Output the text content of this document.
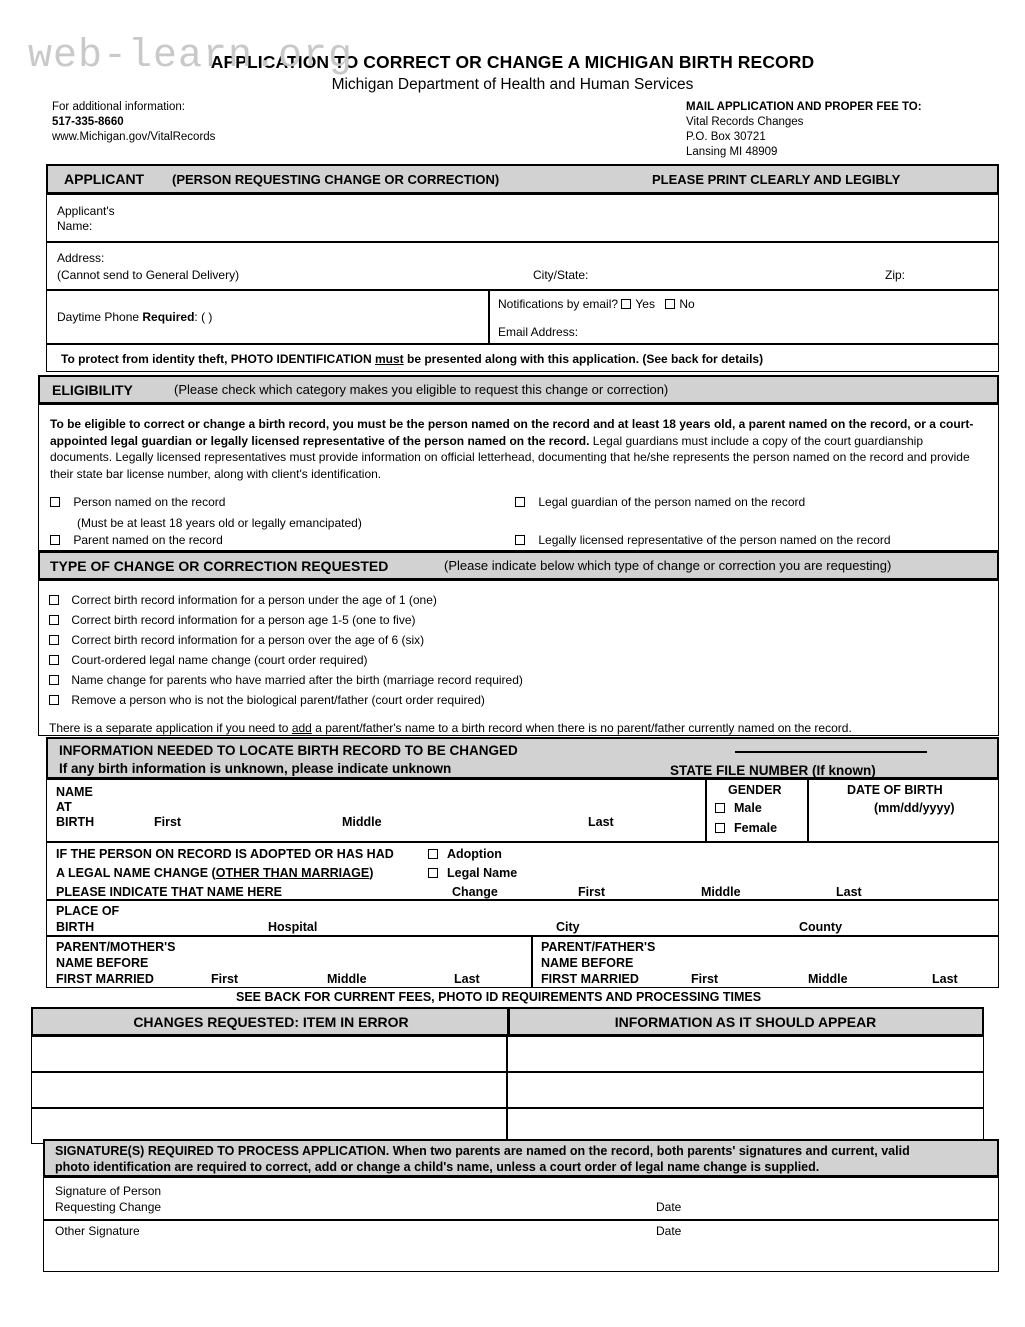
web-learn.org
APPLICATION TO CORRECT OR CHANGE A MICHIGAN BIRTH RECORD
Michigan Department of Health and Human Services
For additional information:
517-335-8660
www.Michigan.gov/VitalRecords
MAIL APPLICATION AND PROPER FEE TO:
Vital Records Changes
P.O. Box 30721
Lansing MI 48909
APPLICANT (PERSON REQUESTING CHANGE OR CORRECTION)	PLEASE PRINT CLEARLY AND LEGIBLY
Applicant's
Name:
Address:
(Cannot send to General Delivery)	City/State:	Zip:
Daytime Phone Required: ( )
Notifications by email? Yes No
Email Address:
To protect from identity theft, PHOTO IDENTIFICATION must be presented along with this application. (See back for details)
ELIGIBILITY	(Please check which category makes you eligible to request this change or correction)
To be eligible to correct or change a birth record, you must be the person named on the record and at least 18 years old, a parent named on the record, or a court-appointed legal guardian or legally licensed representative of the person named on the record. Legal guardians must include a copy of the court guardianship documents. Legally licensed representatives must provide information on official letterhead, documenting that he/she represents the person named on the record and provide their state bar license number, along with client's identification.
Person named on the record
(Must be at least 18 years old or legally emancipated)
Parent named on the record
Legal guardian of the person named on the record
Legally licensed representative of the person named on the record
TYPE OF CHANGE OR CORRECTION REQUESTED	(Please indicate below which type of change or correction you are requesting)
Correct birth record information for a person under the age of 1 (one)
Correct birth record information for a person age 1-5 (one to five)
Correct birth record information for a person over the age of 6 (six)
Court-ordered legal name change (court order required)
Name change for parents who have married after the birth (marriage record required)
Remove a person who is not the biological parent/father (court order required)
There is a separate application if you need to add a parent/father's name to a birth record when there is no parent/father currently named on the record.
INFORMATION NEEDED TO LOCATE BIRTH RECORD TO BE CHANGED
If any birth information is unknown, please indicate unknown	STATE FILE NUMBER (If known)
NAME
AT
BIRTH	First	Middle	Last
GENDER
Male
Female
DATE OF BIRTH
(mm/dd/yyyy)
IF THE PERSON ON RECORD IS ADOPTED OR HAS HAD
A LEGAL NAME CHANGE (OTHER THAN MARRIAGE)
PLEASE INDICATE THAT NAME HERE
Adoption
Legal Name
Change	First	Middle	Last
PLACE OF
BIRTH	Hospital	City	County
PARENT/MOTHER'S
NAME BEFORE
FIRST MARRIED	First	Middle	Last
PARENT/FATHER'S
NAME BEFORE
FIRST MARRIED	First	Middle	Last
SEE BACK FOR CURRENT FEES, PHOTO ID REQUIREMENTS AND PROCESSING TIMES
CHANGES REQUESTED: ITEM IN ERROR	INFORMATION AS IT SHOULD APPEAR
SIGNATURE(S) REQUIRED TO PROCESS APPLICATION. When two parents are named on the record, both parents' signatures and current, valid
photo identification are required to correct, add or change a child's name, unless a court order of legal name change is supplied.
Signature of Person
Requesting Change	Date
Other Signature	Date
